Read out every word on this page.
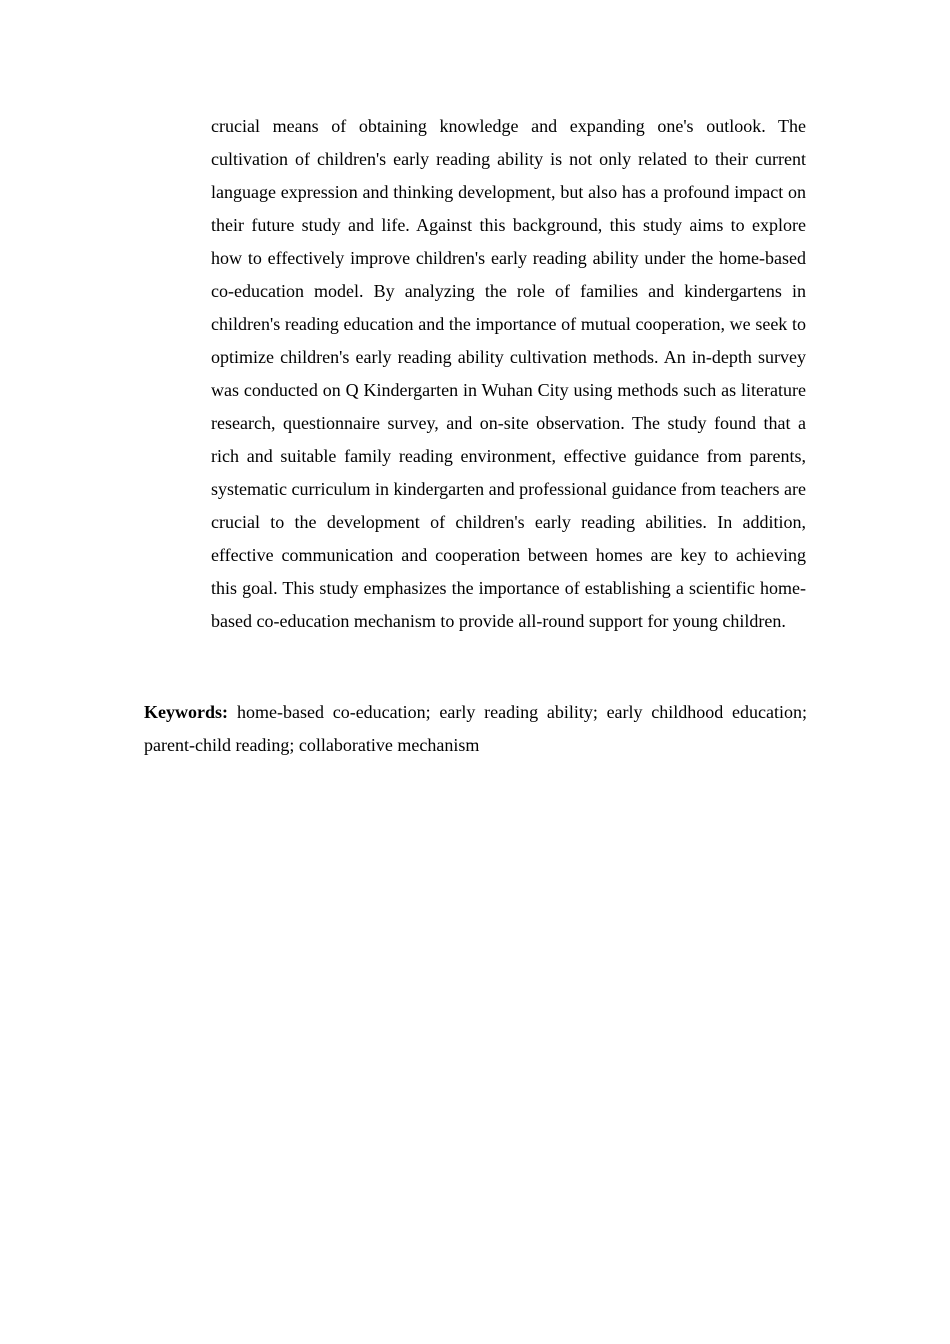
crucial means of obtaining knowledge and expanding one's outlook. The cultivation of children's early reading ability is not only related to their current language expression and thinking development, but also has a profound impact on their future study and life. Against this background, this study aims to explore how to effectively improve children's early reading ability under the home-based co-education model. By analyzing the role of families and kindergartens in children's reading education and the importance of mutual cooperation, we seek to optimize children's early reading ability cultivation methods. An in-depth survey was conducted on Q Kindergarten in Wuhan City using methods such as literature research, questionnaire survey, and on-site observation. The study found that a rich and suitable family reading environment, effective guidance from parents, systematic curriculum in kindergarten and professional guidance from teachers are crucial to the development of children's early reading abilities. In addition, effective communication and cooperation between homes are key to achieving this goal. This study emphasizes the importance of establishing a scientific home-based co-education mechanism to provide all-round support for young children.

Keywords: home-based co-education; early reading ability; early childhood education; parent-child reading; collaborative mechanism
